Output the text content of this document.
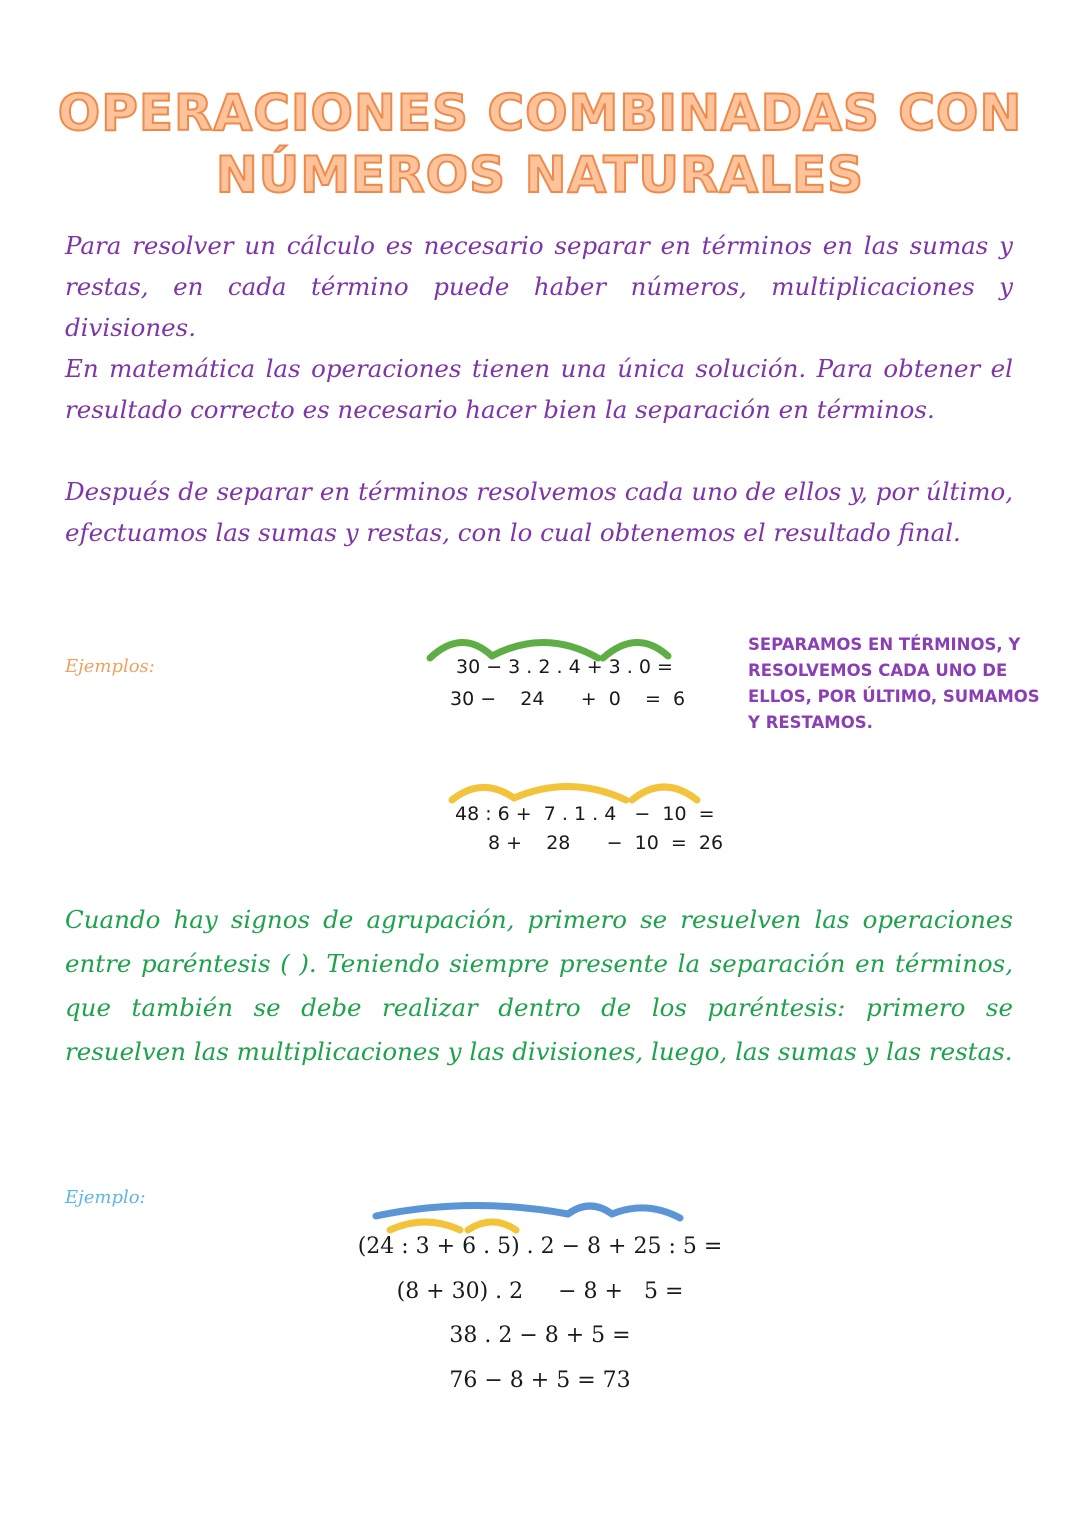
OPERACIONES COMBINADAS CON
NÚMEROS NATURALES

Para resolver un cálculo es necesario separar en términos en las sumas y restas, en cada término puede haber números, multiplicaciones y divisiones.

En matemática las operaciones tienen una única solución. Para obtener el resultado correcto es necesario hacer bien la separación en términos.

Después de separar en términos resolvemos cada uno de ellos y, por último, efectuamos las sumas y restas, con lo cual obtenemos el resultado final.

Ejemplos:	30 − 3 . 2 . 4 + 3 . 0 =
30 −    24      +  0    =  6

SEPARAMOS EN TÉRMINOS, Y RESOLVEMOS CADA UNO DE ELLOS, POR ÚLTIMO, SUMAMOS Y RESTAMOS.

48 : 6 +  7 . 1 . 4   −  10  =
8 +    28      −  10  =  26

Cuando hay signos de agrupación, primero se resuelven las operaciones entre paréntesis ( ). Teniendo siempre presente la separación en términos, que también se debe realizar dentro de los paréntesis: primero se resuelven las multiplicaciones y las divisiones, luego, las sumas y las restas.

Ejemplo:
(24 : 3 + 6 . 5) . 2 − 8 + 25 : 5 =
(8 + 30) . 2     − 8 +   5 =
38 . 2 − 8 + 5 =
76 − 8 + 5 = 73
